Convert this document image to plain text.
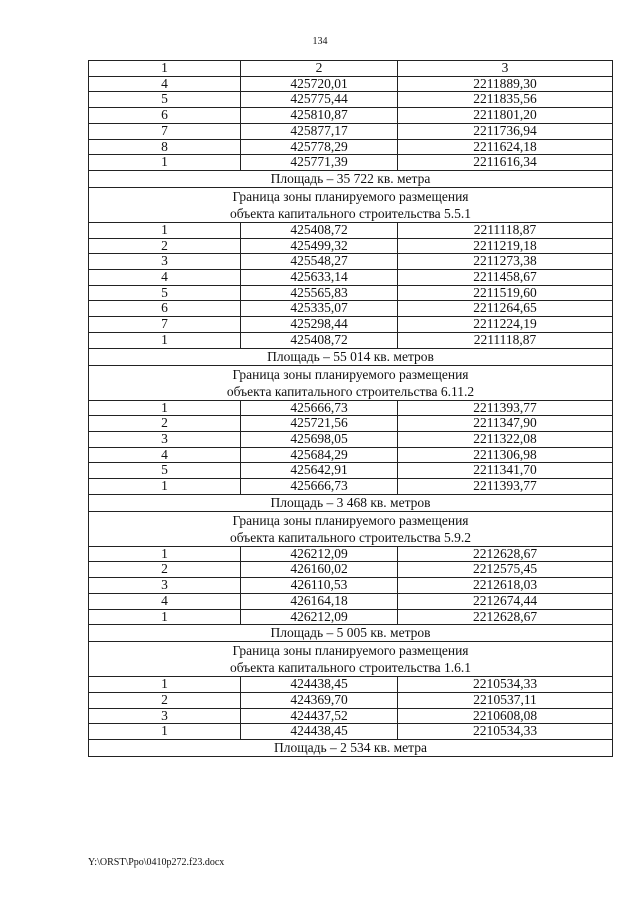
134
1	2	3
4	425720,01	2211889,30
5	425775,44	2211835,56
6	425810,87	2211801,20
7	425877,17	2211736,94
8	425778,29	2211624,18
1	425771,39	2211616,34
Площадь – 35 722 кв. метра		

Граница зоны планируемого размещения
объекта капитального строительства 5.5.1		

1	425408,72	2211118,87
2	425499,32	2211219,18
3	425548,27	2211273,38
4	425633,14	2211458,67
5	425565,83	2211519,60
6	425335,07	2211264,65
7	425298,44	2211224,19
1	425408,72	2211118,87
Площадь – 55 014 кв. метров		

Граница зоны планируемого размещения
объекта капитального строительства 6.11.2		

1	425666,73	2211393,77
2	425721,56	2211347,90
3	425698,05	2211322,08
4	425684,29	2211306,98
5	425642,91	2211341,70
1	425666,73	2211393,77
Площадь – 3 468 кв. метров		

Граница зоны планируемого размещения
объекта капитального строительства 5.9.2		

1	426212,09	2212628,67
2	426160,02	2212575,45
3	426110,53	2212618,03
4	426164,18	2212674,44
1	426212,09	2212628,67
Площадь – 5 005 кв. метров		

Граница зоны планируемого размещения
объекта капитального строительства 1.6.1		

1	424438,45	2210534,33
2	424369,70	2210537,11
3	424437,52	2210608,08
1	424438,45	2210534,33
Площадь – 2 534 кв. метра		
Y:\ORST\Ppo\0410p272.f23.docx
